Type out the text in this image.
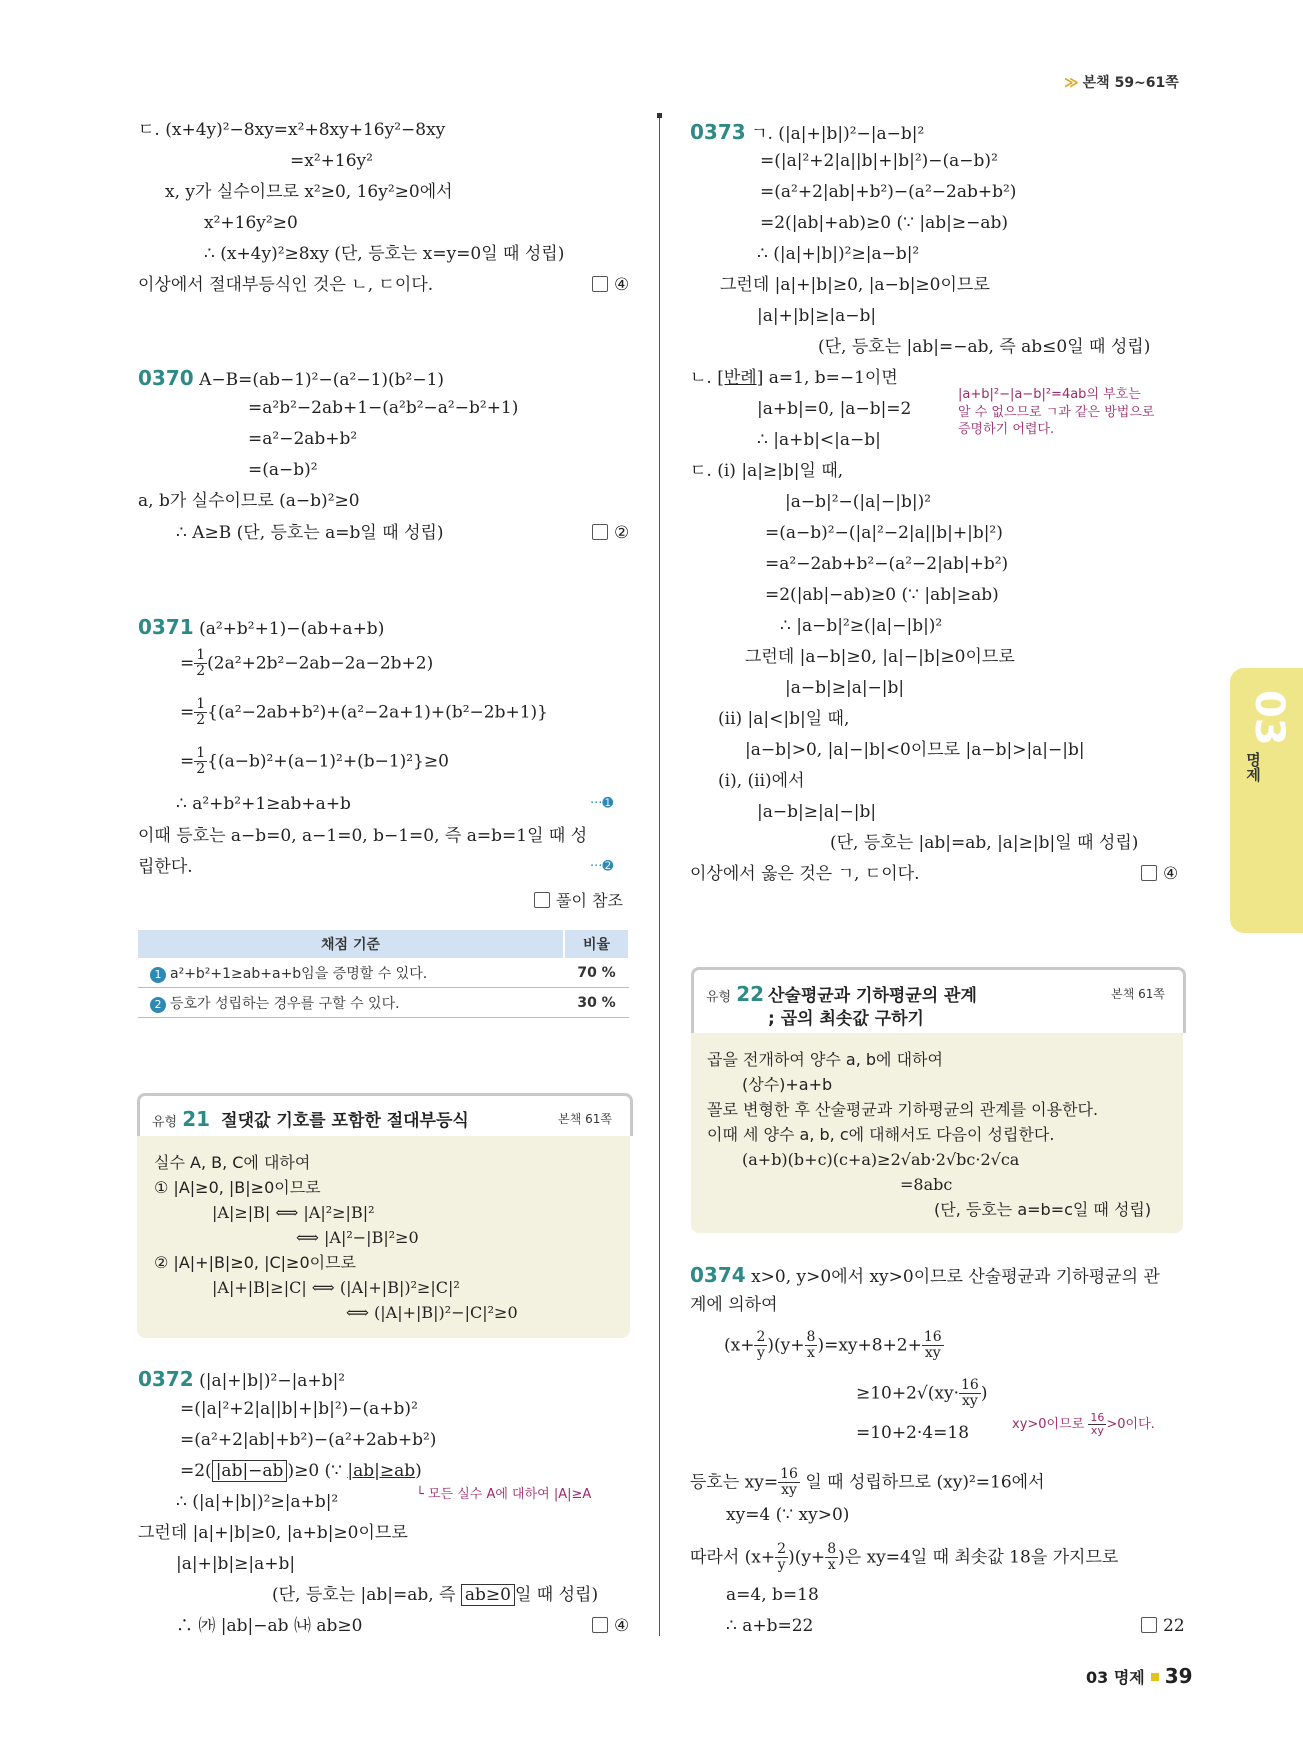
≫ 본책 59~61쪽
ㄷ. (x+4y)²−8xy=x²+8xy+16y²−8xy
=x²+16y²
x, y가 실수이므로 x²≥0, 16y²≥0에서
x²+16y²≥0
∴ (x+4y)²≥8xy (단, 등호는 x=y=0일 때 성립)
이상에서 절대부등식인 것은 ㄴ, ㄷ이다.	④
0370 A−B=(ab−1)²−(a²−1)(b²−1)
=a²b²−2ab+1−(a²b²−a²−b²+1)
=a²−2ab+b²
=(a−b)²
a, b가 실수이므로 (a−b)²≥0
∴ A≥B (단, 등호는 a=b일 때 성립)	②
0371 (a²+b²+1)−(ab+a+b)
= $\frac{1}{2} (2a^2+2b^2-2ab-2a-2b+2)$
= $\frac{1}{2} \{(a^2-2ab+b^2)+(a^2-2a+1)+(b^2-2b+1)\}$
= $\frac{1}{2} \{(a-b)^2+(a-1)^2+(b-1)^2\}\ge 0$
∴ a²+b²+1≥ab+a+b	···➊
이때 등호는 a−b=0, a−1=0, b−1=0, 즉 a=b=1일 때 성
립한다.	···➋
풀이 참조
채점 기준	비율
1 a²+b²+1≥ab+a+b임을 증명할 수 있다.	70 %
2 등호가 성립하는 경우를 구할 수 있다.	30 %
유형 21 절댓값 기호를 포함한 절대부등식	본책 61쪽
실수 A, B, C에 대하여
① |A|≥0, |B|≥0이므로
|A|≥|B| ⟺ |A|²≥|B|²
⟺ |A|²−|B|²≥0
② |A|+|B|≥0, |C|≥0이므로
|A|+|B|≥|C| ⟺ (|A|+|B|)²≥|C|²
⟺ (|A|+|B|)²−|C|²≥0
0372 (|a|+|b|)²−|a+b|²
=(|a|²+2|a||b|+|b|²)−(a+b)²
=(a²+2|ab|+b²)−(a²+2ab+b²)
=2( |ab|−ab )≥0 (∵ |ab|≥ab)
└ 모든 실수 A에 대하여 |A|≥A
∴ (|a|+|b|)²≥|a+b|²
그런데 |a|+|b|≥0, |a+b|≥0이므로
|a|+|b|≥|a+b|
(단, 등호는 |ab|=ab, 즉 ab≥0 일 때 성립)
∴ ㈎ |ab|−ab ㈏ ab≥0	④
0373 ㄱ. (|a|+|b|)²−|a−b|²
=(|a|²+2|a||b|+|b|²)−(a−b)²
=(a²+2|ab|+b²)−(a²−2ab+b²)
=2(|ab|+ab)≥0 (∵ |ab|≥−ab)
∴ (|a|+|b|)²≥|a−b|²
그런데 |a|+|b|≥0, |a−b|≥0이므로
|a|+|b|≥|a−b|
(단, 등호는 |ab|=−ab, 즉 ab≤0일 때 성립)
ㄴ. [반례] a=1, b=−1이면
|a+b|²−|a−b|²=4ab의 부호는
알 수 없으므로 ㄱ과 같은 방법으로
증명하기 어렵다.
|a+b|=0, |a−b|=2
∴ |a+b|<|a−b|
ㄷ. (i) |a|≥|b|일 때,
|a−b|²−(|a|−|b|)²
=(a−b)²−(|a|²−2|a||b|+|b|²)
=a²−2ab+b²−(a²−2|ab|+b²)
=2(|ab|−ab)≥0 (∵ |ab|≥ab)
∴ |a−b|²≥(|a|−|b|)²
그런데 |a−b|≥0, |a|−|b|≥0이므로
|a−b|≥|a|−|b|
(ii) |a|<|b|일 때,
|a−b|>0, |a|−|b|<0이므로 |a−b|>|a|−|b|
(i), (ii)에서
|a−b|≥|a|−|b|
(단, 등호는 |ab|=ab, |a|≥|b|일 때 성립)
이상에서 옳은 것은 ㄱ, ㄷ이다.	④
유형 22 산술평균과 기하평균의 관계
; 곱의 최솟값 구하기
본책 61쪽
곱을 전개하여 양수 a, b에 대하여
(상수)+a+b
꼴로 변형한 후 산술평균과 기하평균의 관계를 이용한다.
이때 세 양수 a, b, c에 대해서도 다음이 성립한다.
(a+b)(b+c)(c+a)≥2√ab·2√bc·2√ca
=8abc
(단, 등호는 a=b=c일 때 성립)
0374 x>0, y>0에서 xy>0이므로 산술평균과 기하평균의 관
계에 의하여
$(x+ \frac{2}{y} )(y+ \frac{8}{x} )=xy+8+2+ \frac{16}{xy}$
$\ge 10+2√(xy\cdot \frac{16}{xy}$ )
xy>0이므로 $\frac{16}{xy} >0$이다.
=10+2·4=18
등호는 $xy= \frac{16}{xy}$ 일 때 성립하므로 (xy)²=16에서
xy=4 (∵ xy>0)
따라서 $(x+ \frac{2}{y} )(y+ \frac{8}{x}$ )은 xy=4일 때 최솟값 18을 가지므로
a=4, b=18
∴ a+b=22	22
03
명제
03 명제 39
